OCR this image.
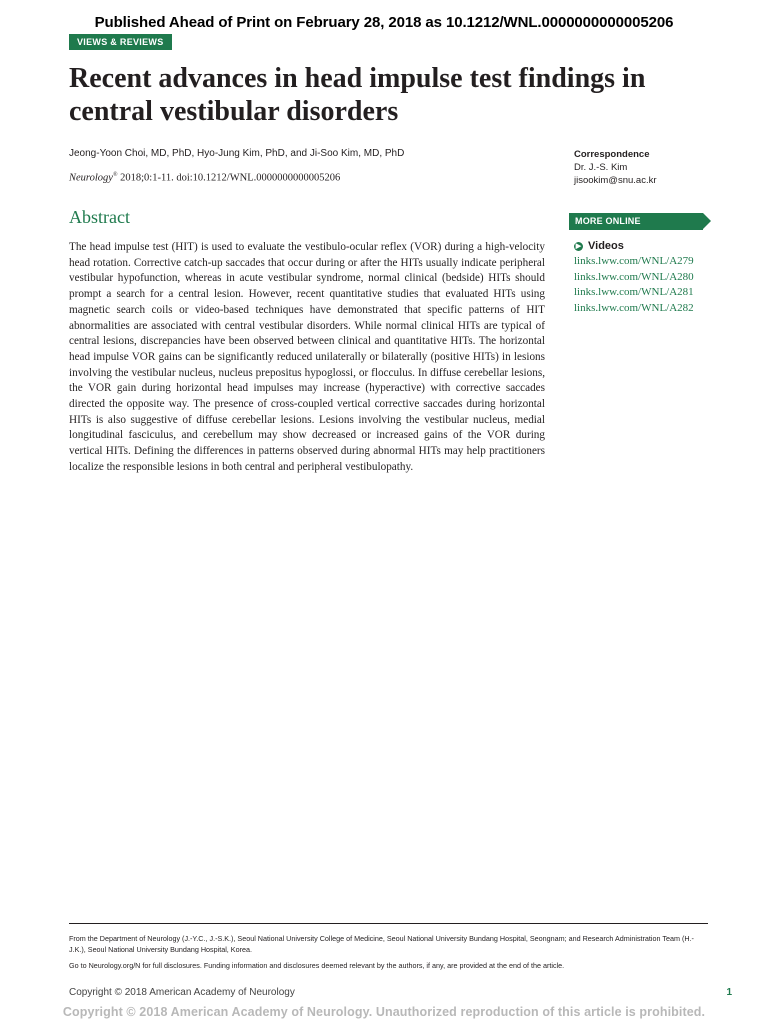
Published Ahead of Print on February 28, 2018 as 10.1212/WNL.0000000000005206
VIEWS & REVIEWS
Recent advances in head impulse test findings in central vestibular disorders
Jeong-Yoon Choi, MD, PhD, Hyo-Jung Kim, PhD, and Ji-Soo Kim, MD, PhD
Neurology® 2018;0:1-11. doi:10.1212/WNL.0000000000005206
Correspondence
Dr. J.-S. Kim
jisookim@snu.ac.kr
MORE ONLINE
▶ Videos
links.lww.com/WNL/A279
links.lww.com/WNL/A280
links.lww.com/WNL/A281
links.lww.com/WNL/A282
Abstract

The head impulse test (HIT) is used to evaluate the vestibulo-ocular reflex (VOR) during a high-velocity head rotation. Corrective catch-up saccades that occur during or after the HITs usually indicate peripheral vestibular hypofunction, whereas in acute vestibular syndrome, normal clinical (bedside) HITs should prompt a search for a central lesion. However, recent quantitative studies that evaluated HITs using magnetic search coils or video-based techniques have demonstrated that specific patterns of HIT abnormalities are associated with central vestibular disorders. While normal clinical HITs are typical of central lesions, discrepancies have been observed between clinical and quantitative HITs. The horizontal head impulse VOR gains can be significantly reduced unilaterally or bilaterally (positive HITs) in lesions involving the vestibular nucleus, nucleus prepositus hypoglossi, or flocculus. In diffuse cerebellar lesions, the VOR gain during horizontal head impulses may increase (hyperactive) with corrective saccades directed the opposite way. The presence of cross-coupled vertical corrective saccades during horizontal HITs is also suggestive of diffuse cerebellar lesions. Lesions involving the vestibular nucleus, medial longitudinal fasciculus, and cerebellum may show decreased or increased gains of the VOR during vertical HITs. Defining the differences in patterns observed during abnormal HITs may help practitioners localize the responsible lesions in both central and peripheral vestibulopathy.

From the Department of Neurology (J.-Y.C., J.-S.K.), Seoul National University College of Medicine, Seoul National University Bundang Hospital, Seongnam; and Research Administration Team (H.-J.K.), Seoul National University Bundang Hospital, Korea.
Go to Neurology.org/N for full disclosures. Funding information and disclosures deemed relevant by the authors, if any, are provided at the end of the article.
Copyright © 2018 American Academy of Neurology	1
Copyright © 2018 American Academy of Neurology. Unauthorized reproduction of this article is prohibited.
